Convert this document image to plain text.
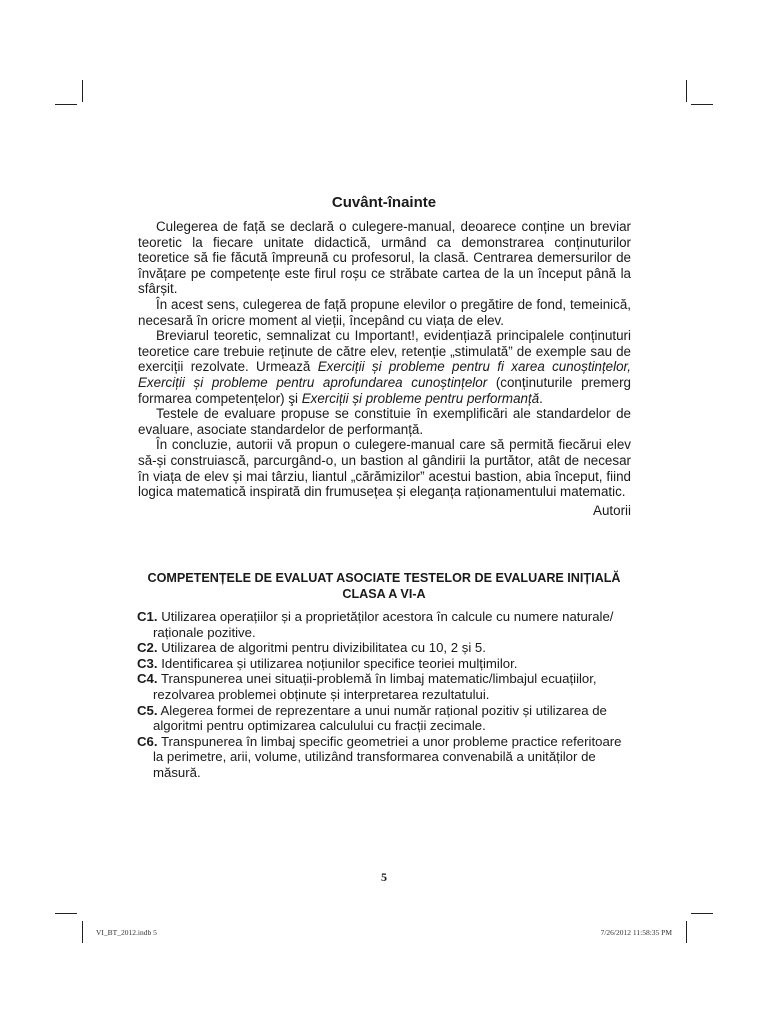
Cuvânt-înainte

Culegerea de față se declară o culegere-manual, deoarece conține un breviar teoretic la fiecare unitate didactică, urmând ca demonstrarea conținuturilor teoretice să fie făcută împreună cu profesorul, la clasă. Centrarea demersurilor de învățare pe competențe este firul roșu ce străbate cartea de la un început până la sfârșit.

În acest sens, culegerea de față propune elevilor o pregătire de fond, temeinică, necesară în oricre moment al vieții, începând cu viața de elev.

Breviarul teoretic, semnalizat cu Important!, evidențiază principalele conținuturi teoretice care trebuie reținute de către elev, retenție „stimulată” de exemple sau de exerciții rezolvate. Urmează Exerciții și probleme pentru fi xarea cunoștințelor, Exerciții și probleme pentru aprofundarea cunoștințelor (conținuturile premerg formarea competențelor) şi Exerciții și probleme pentru performanță.

Testele de evaluare propuse se constituie în exemplificări ale standardelor de evaluare, asociate standardelor de performanță.

În concluzie, autorii vă propun o culegere-manual care să permită fiecărui elev să-și construiască, parcurgând-o, un bastion al gândirii la purtător, atât de necesar în viața de elev și mai târziu, liantul „cărămizilor” acestui bastion, abia început, fiind logica matematică inspirată din frumusețea și eleganța raționamentului matematic.

Autorii
COMPETENȚELE DE EVALUAT ASOCIATE TESTELOR DE EVALUARE INIȚIALĂ
CLASA A VI-A
C1. Utilizarea operațiilor și a proprietăților acestora în calcule cu numere naturale/ raționale pozitive.
C2. Utilizarea de algoritmi pentru divizibilitatea cu 10, 2 și 5.
C3. Identificarea și utilizarea noțiunilor specifice teoriei mulțimilor.
C4. Transpunerea unei situații-problemă în limbaj matematic/limbajul ecuațiilor, rezolvarea problemei obținute și interpretarea rezultatului.
C5. Alegerea formei de reprezentare a unui număr rațional pozitiv și utilizarea de algoritmi pentru optimizarea calculului cu fracții zecimale.
C6. Transpunerea în limbaj specific geometriei a unor probleme practice referitoare la perimetre, arii, volume, utilizând transformarea convenabilă a unităților de măsură.
5
VI_BT_2012.indb 5	7/26/2012 11:58:35 PM
